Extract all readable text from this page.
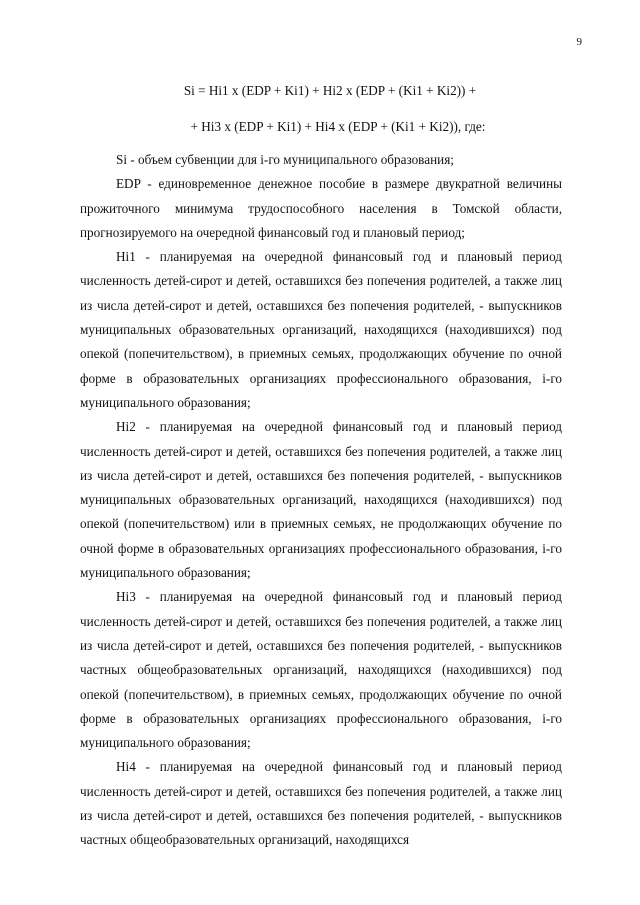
9
Si = Hi1 x (EDP + Ki1) + Hi2 x (EDP + (Ki1 + Ki2)) +
+ Hi3 x (EDP + Ki1) + Hi4 x (EDP + (Ki1 + Ki2)), где:

Si - объем субвенции для i-го муниципального образования;

EDP - единовременное денежное пособие в размере двукратной величины прожиточного минимума трудоспособного населения в Томской области, прогнозируемого на очередной финансовый год и плановый период;

Hi1 - планируемая на очередной финансовый год и плановый период численность детей-сирот и детей, оставшихся без попечения родителей, а также лиц из числа детей-сирот и детей, оставшихся без попечения родителей, - выпускников муниципальных образовательных организаций, находящихся (находившихся) под опекой (попечительством), в приемных семьях, продолжающих обучение по очной форме в образовательных организациях профессионального образования, i-го муниципального образования;

Hi2 - планируемая на очередной финансовый год и плановый период численность детей-сирот и детей, оставшихся без попечения родителей, а также лиц из числа детей-сирот и детей, оставшихся без попечения родителей, - выпускников муниципальных образовательных организаций, находящихся (находившихся) под опекой (попечительством) или в приемных семьях, не продолжающих обучение по очной форме в образовательных организациях профессионального образования, i-го муниципального образования;

Hi3 - планируемая на очередной финансовый год и плановый период численность детей-сирот и детей, оставшихся без попечения родителей, а также лиц из числа детей-сирот и детей, оставшихся без попечения родителей, - выпускников частных общеобразовательных организаций, находящихся (находившихся) под опекой (попечительством), в приемных семьях, продолжающих обучение по очной форме в образовательных организациях профессионального образования, i-го муниципального образования;

Hi4 - планируемая на очередной финансовый год и плановый период численность детей-сирот и детей, оставшихся без попечения родителей, а также лиц из числа детей-сирот и детей, оставшихся без попечения родителей, - выпускников частных общеобразовательных организаций, находящихся
